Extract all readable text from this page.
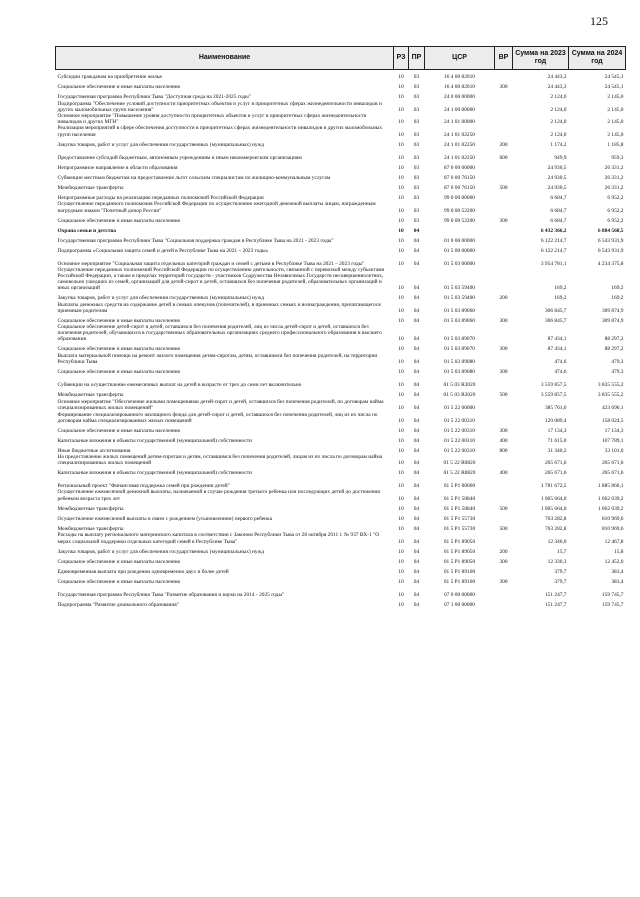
125
Наименование	РЗ	ПР	ЦСР	ВР	Сумма на 2023 год	Сумма на 2024 год
Субсидии гражданам на приобретение жилья	10	03	16 4 00 82010		24 443,3	24 545,1
Социальное обеспечение и иные выплаты населению	10	03	16 4 00 82010	300	24 443,3	24 545,1
Государственная программа Республики Тыва "Доступная среда на 2021-2025 годы"	10	03	24 0 00 00000		2 124,0	2 145,0
Подпрограмма "Обеспечение условий доступности приоритетных объектов и услуг в приоритетных сферах жизнедеятельности инвалидов и других маломобильных групп населения"	10	03	24 1 00 00000		2 124,0	2 145,0
Основное мероприятие "Повышение уровня доступности приоритетных объектов и услуг в приоритетных сферах жизнедеятельности инвалидов и других МГН"	10	03	24 1 01 00000		2 124,0	2 145,0
Реализация мероприятий в сфере обеспечения доступности в приоритетных сферах жизнедеятельности инвалидов и других маломобильных групп населения	10	03	24 1 01 02250		2 124,0	2 145,0
Закупка товаров, работ и услуг для обеспечения государственных (муниципальных) нужд	10	03	24 1 01 02250	200	1 174,2	1 185,8
Предоставление субсидий бюджетным, автономным учреждениям и иным некоммерческим организациям	10	03	24 1 01 02250	600	949,9	959,3
Непрограммное направление в области образования	10	03	87 0 00 00000		24 930,5	26 331,2
Субвенции местным бюджетам на предоставление льгот сельским специалистам по жилищно-коммунальным услугам	10	03	87 0 00 76150		24 930,5	26 331,2
Межбюджетные трансферты	10	03	87 0 00 76150	500	24 930,5	26 331,2
Непрограммные расходы на реализацию переданных полномочий Российской Федерации	10	03	99 0 00 00000		6 684,7	6 952,2
Осуществление переданного полномочия Российской Федерации по осуществлению ежегодной денежной выплаты лицам, награжденным нагрудным знаком "Почетный донор России"	10	03	99 0 00 52200		6 684,7	6 952,2
Социальное обеспечение и иные выплаты населению	10	03	99 0 00 52200	300	6 684,7	6 952,2
Охрана семьи и детства	10	04			6 432 366,2	6 884 568,5
Государственная программа Республики Тыва "Социальная поддержка граждан в Республике Тыва на 2021 - 2023 годы"	10	04	01 0 00 00000		6 122 214,7	6 543 931,9
Подпрограмма «Социальная защита семей и детей в Республике Тыва на 2021 – 2023 годы»	10	04	01 5 00 00000		6 122 214,7	6 543 931,9
Основное мероприятие "Социальная защита отдельных категорий граждан и семей с детьми в Республике Тыва на 2021 – 2023 годы"	10	04	01 5 03 00000		3 954 781,1	4 234 375,8
Осуществление переданных полномочий Российской Федерации по осуществлению деятельности, связанной с перевозкой между субъектами Российской Федерации, а также в пределах территорий государств - участников Содружества Независимых Государств несовершеннолетних, самовольно ушедших из семей, организаций для детей-сирот и детей, оставшихся без попечения родителей, образовательных организаций и иных организаций	10	04	01 5 03 59400		169,2	169,2
Закупка товаров, работ и услуг для обеспечения государственных (муниципальных) нужд	10	04	01 5 03 59400	200	169,2	169,2
Выплаты денежных средств на содержание детей в семьях опекунов (попечителей), в приемных семьях и вознаграждения, причитающегося приемным родителям	10	04	01 5 03 89060		306 845,7	309 874,9
Социальное обеспечение и иные выплаты населению	10	04	01 5 03 89060	300	306 845,7	309 874,9
Социальное обеспечение детей-сирот и детей, оставшихся без попечения родителей, лиц из числа детей-сирот и детей, оставшихся без попечения родителей, обучающихся в государственных образовательных организациях среднего профессионального образования и высшего образования	10	04	01 5 03 89070		87 434,1	88 297,2
Социальное обеспечение и иные выплаты населению	10	04	01 5 03 89070	300	87 434,1	88 297,2
Выплата материальной помощи на ремонт жилого помещения детям-сиротам, детям, оставшимся без попечения родителей, на территории Республики Тыва	10	04	01 5 03 89080		474,6	479,3
Социальное обеспечение и иные выплаты населению	10	04	01 5 03 89080	300	474,6	479,3
Субвенции на осуществление ежемесячных выплат на детей в возрасте от трех до семи лет включительно	10	04	01 5 03 R3020		3 559 857,5	3 835 555,2
Межбюджетные трансферты	10	04	01 5 03 R3020	500	3 559 857,5	3 835 555,2
Основное мероприятие "Обеспечение жилыми помещениями детей-сирот и детей, оставшихся без попечения родителей, по договорам найма специализированных жилых помещений"	10	04	01 5 22 00000		385 761,0	423 696,1
Формирование специализированного жилищного фонда для детей-сирот и детей, оставшихся без попечения родителей, лиц из их числа по договорам найма специализированных жилых помещений	10	04	01 5 22 00310		120 089,4	158 024,5
Социальное обеспечение и иные выплаты населению	10	04	01 5 22 00310	300	17 134,3	17 134,3
Капитальные вложения в объекты государственной (муниципальной) собственности	10	04	01 5 22 00310	400	71 615,0	107 789,1
Иные бюджетные ассигнования	10	04	01 5 22 00310	800	31 340,2	33 101,0
На предоставление жилых помещений детям-сиротам и детям, оставшимся без попечения родителей, лицам из их числа по договорам найма специализированных жилых помещений	10	04	01 5 22 R0820		265 671,6	265 671,6
Капитальные вложения в объекты государственной (муниципальной) собственности	10	04	01 5 22 R0820	400	265 671,6	265 671,6
Региональный проект "Финансовая поддержка семей при рождении детей"	10	04	01 5 P1 00000		1 781 672,5	1 885 860,1
Осуществление ежемесячной денежной выплаты, назначаемой в случае рождения третьего ребенка или последующих детей до достижения ребенком возраста трех лет	10	04	01 5 P1 50840		1 005 664,0	1 062 039,2
Межбюджетные трансферты	10	04	01 5 P1 50840	500	1 005 664,0	1 062 039,2
Осуществление ежемесячной выплаты в связи с рождением (усыновлением) первого ребенка	10	04	01 5 P1 55730		763 282,8	810 969,6
Межбюджетные трансферты	10	04	01 5 P1 55730	500	763 282,8	810 969,6
Расходы на выплату регионального материнского капитала в соответствии с Законом Республики Тыва от 28 октября 2011 г. № 937 ВХ-1 "О мерах социальной поддержки отдельных категорий семей в Республике Тыва"	10	04	01 5 P1 89050		12 346,0	12 467,8
Закупка товаров, работ и услуг для обеспечения государственных (муниципальных) нужд	10	04	01 5 P1 89050	200	15,7	15,8
Социальное обеспечение и иные выплаты населению	10	04	01 5 P1 89050	300	12 330,3	12 452,0
Единовременная выплата при рождении одновременно двух и более детей	10	04	01 5 P1 89100		379,7	383,4
Социальное обеспечение и иные выплаты населению	10	04	01 5 P1 89100	300	379,7	383,4
Государственная программа Республики Тыва "Развитие образования и науки на 2014 - 2025 годы"	10	04	07 0 00 00000		151 247,7	159 745,7
Подпрограмма "Развитие дошкольного образования"	10	04	07 1 00 00000		151 247,7	159 745,7
